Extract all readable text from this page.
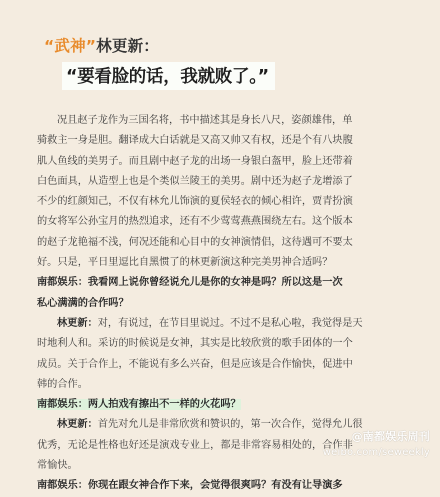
“武神”林更新：
“要看脸的话，我就败了。”
况且赵子龙作为三国名将，书中描述其是身长八尺，姿颜雄伟，单
骑救主一身是胆。翻译成大白话就是又高又帅又有权，还是个有八块腹
肌人鱼线的美男子。而且剧中赵子龙的出场一身银白盔甲，脸上还带着
白色面具，从造型上也是个类似兰陵王的美男。剧中还为赵子龙增添了
不少的红颜知己，不仅有林允儿饰演的夏侯轻衣的倾心相许，贾青扮演
的女将军公孙宝月的热烈追求，还有不少莺莺燕燕围绕左右。这个版本
的赵子龙艳福不浅，何况还能和心目中的女神演情侣，这待遇可不要太
好。只是，平日里逗比自黑惯了的林更新演这种完美男神合适吗？
南都娱乐：我看网上说你曾经说允儿是你的女神是吗？所以这是一次
私心满满的合作吗？
林更新：对，有说过，在节目里说过。不过不是私心啦，我觉得是天
时地利人和。采访的时候说是女神，其实是比较欣赏的歌手团体的一个
成员。关于合作上，不能说有多么兴奋，但是应该是合作愉快，促进中
韩的合作。
南都娱乐：两人拍戏有擦出不一样的火花吗？
林更新：首先对允儿是非常欣赏和赞识的，第一次合作，觉得允儿很
优秀，无论是性格也好还是演戏专业上，都是非常容易相处的，合作非
常愉快。
南都娱乐：你现在跟女神合作下来，会觉得很爽吗？有没有让导演多
@南都娱乐周刊
weibo.com/seweekly
